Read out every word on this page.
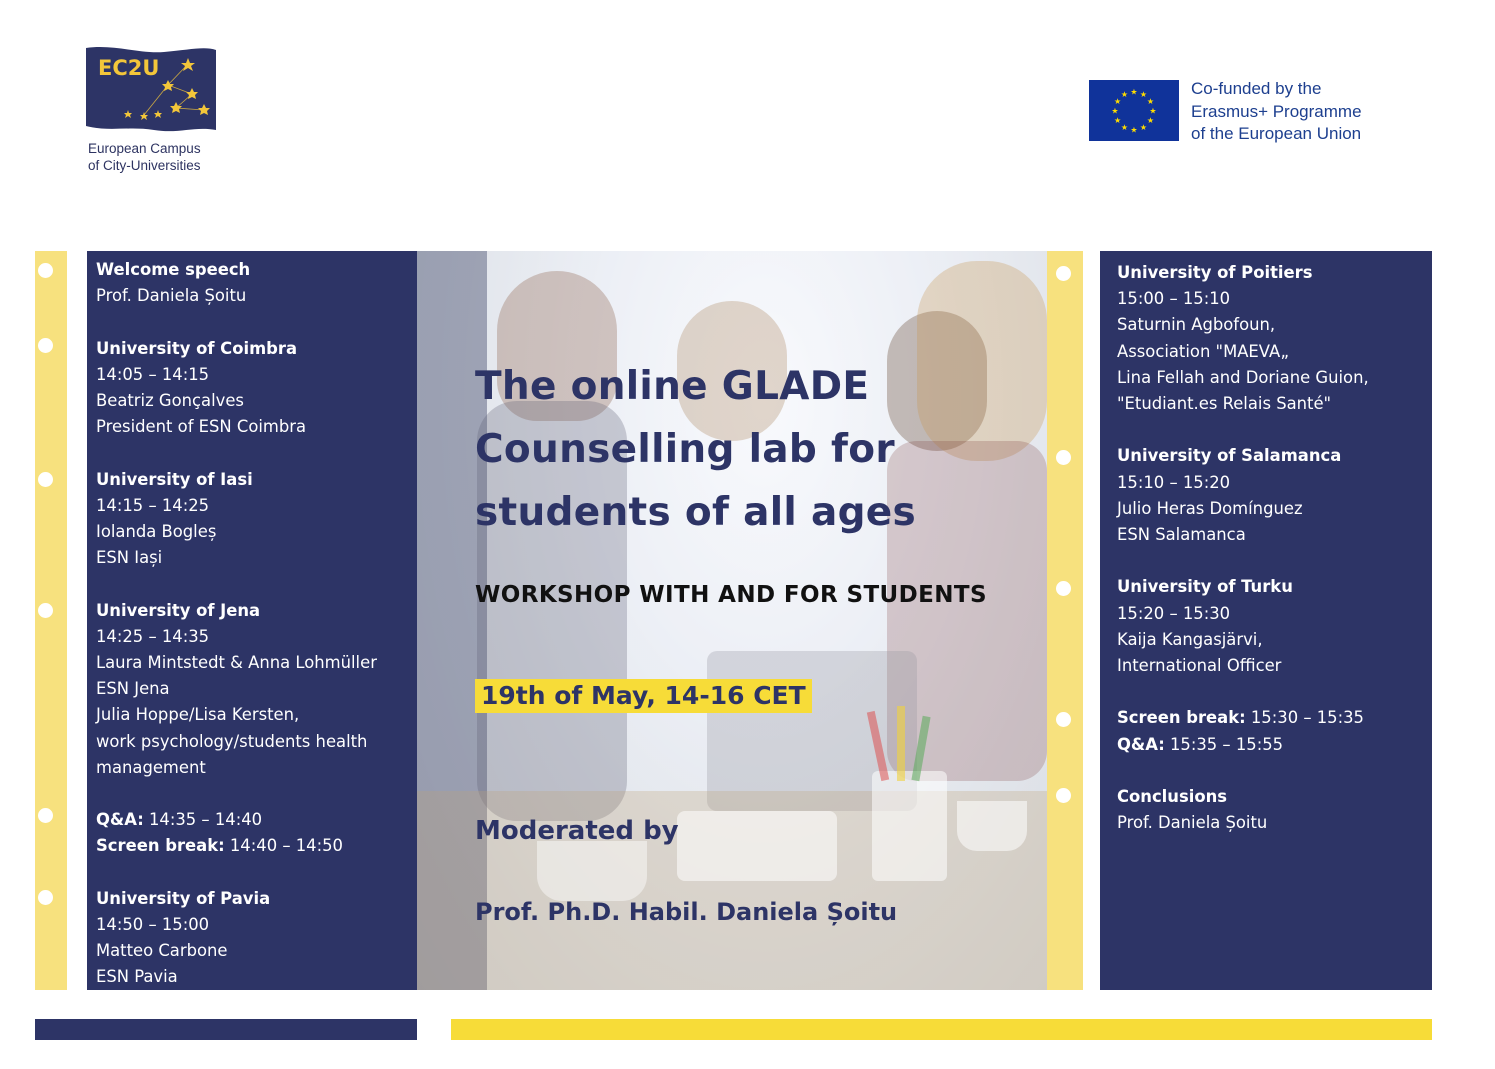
EC2U
European Campus
of City-Universities
★ ★
★
★
★
★
★
★
★
★
★
★	Co-funded by the
Erasmus+ Programme
of the European Union
Welcome speech
Prof. Daniela Șoitu
University of Coimbra
14:05 – 14:15
Beatriz Gonçalves
President of ESN Coimbra
University of Iasi
14:15 – 14:25
Iolanda Bogleș
ESN Iași
University of Jena
14:25 – 14:35
Laura Mintstedt & Anna Lohmüller
ESN Jena
Julia Hoppe/Lisa Kersten,
work psychology/students health
management
Q&A: 14:35 – 14:40
Screen break: 14:40 – 14:50
University of Pavia
14:50 – 15:00
Matteo Carbone
ESN Pavia
The online GLADE Counselling lab for students of all ages
WORKSHOP WITH AND FOR STUDENTS
19th of May, 14-16 CET
Moderated by
Prof. Ph.D. Habil. Daniela Șoitu
University of Poitiers
15:00 – 15:10
Saturnin Agbofoun,
Association "MAEVA„
Lina Fellah and Doriane Guion,
"Etudiant.es Relais Santé"
University of Salamanca
15:10 – 15:20
Julio Heras Domínguez
ESN Salamanca
University of Turku
15:20 – 15:30
Kaija Kangasjärvi,
International Officer
Screen break: 15:30 – 15:35
Q&A: 15:35 – 15:55
Conclusions
Prof. Daniela Șoitu
